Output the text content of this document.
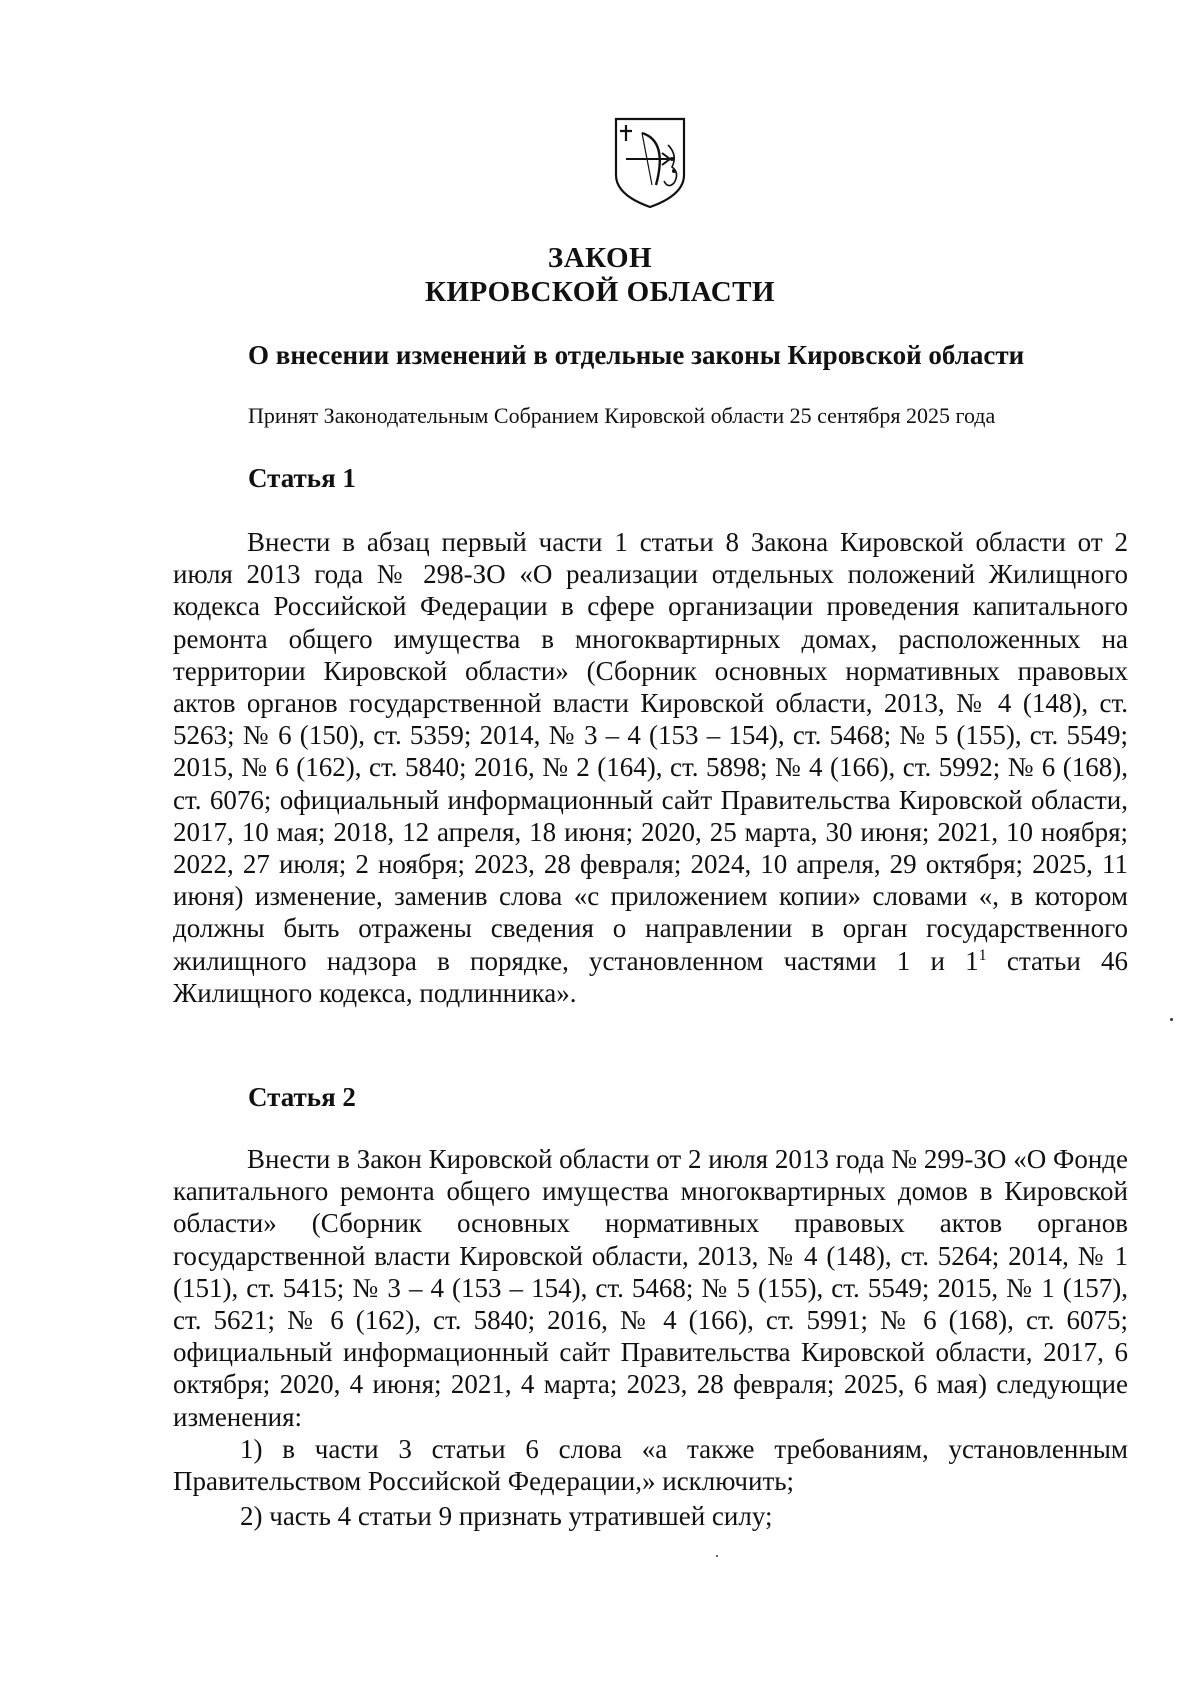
ЗАКОН
КИРОВСКОЙ ОБЛАСТИ
О внесении изменений в отдельные законы Кировской области
Принят Законодательным Собранием Кировской области 25 сентября 2025 года
Статья 1

Внести в абзац первый части 1 статьи 8 Закона Кировской области от 2 июля 2013 года № 298-ЗО «О реализации отдельных положений Жилищного кодекса Российской Федерации в сфере организации проведения капитального ремонта общего имущества в многоквартирных домах, расположенных на территории Кировской области» (Сборник основных нормативных правовых актов органов государственной власти Кировской области, 2013, № 4 (148), ст. 5263; № 6 (150), ст. 5359; 2014, № 3 – 4 (153 – 154), ст. 5468; № 5 (155), ст. 5549; 2015, № 6 (162), ст. 5840; 2016, № 2 (164), ст. 5898; № 4 (166), ст. 5992; № 6 (168), ст. 6076; официальный информационный сайт Правительства Кировской области, 2017, 10 мая; 2018, 12 апреля, 18 июня; 2020, 25 марта, 30 июня; 2021, 10 ноября; 2022, 27 июля; 2 ноября; 2023, 28 февраля; 2024, 10 апреля, 29 октября; 2025, 11 июня) изменение, заменив слова «с приложением копии» словами «, в котором должны быть отражены сведения о направлении в орган государственного жилищного надзора в порядке, установленном частями 1 и $1^1$ статьи 46 Жилищного кодекса, подлинника».

Статья 2

Внести в Закон Кировской области от 2 июля 2013 года № 299-ЗО «О Фонде капитального ремонта общего имущества многоквартирных домов в Кировской области» (Сборник основных нормативных правовых актов органов государственной власти Кировской области, 2013, № 4 (148), ст. 5264; 2014, № 1 (151), ст. 5415; № 3 – 4 (153 – 154), ст. 5468; № 5 (155), ст. 5549; 2015, № 1 (157), ст. 5621; № 6 (162), ст. 5840; 2016, № 4 (166), ст. 5991; № 6 (168), ст. 6075; официальный информационный сайт Правительства Кировской области, 2017, 6 октября; 2020, 4 июня; 2021, 4 марта; 2023, 28 февраля; 2025, 6 мая) следующие изменения:

1) в части 3 статьи 6 слова «а также требованиям, установленным Правительством Российской Федерации,» исключить;

2) часть 4 статьи 9 признать утратившей силу;
